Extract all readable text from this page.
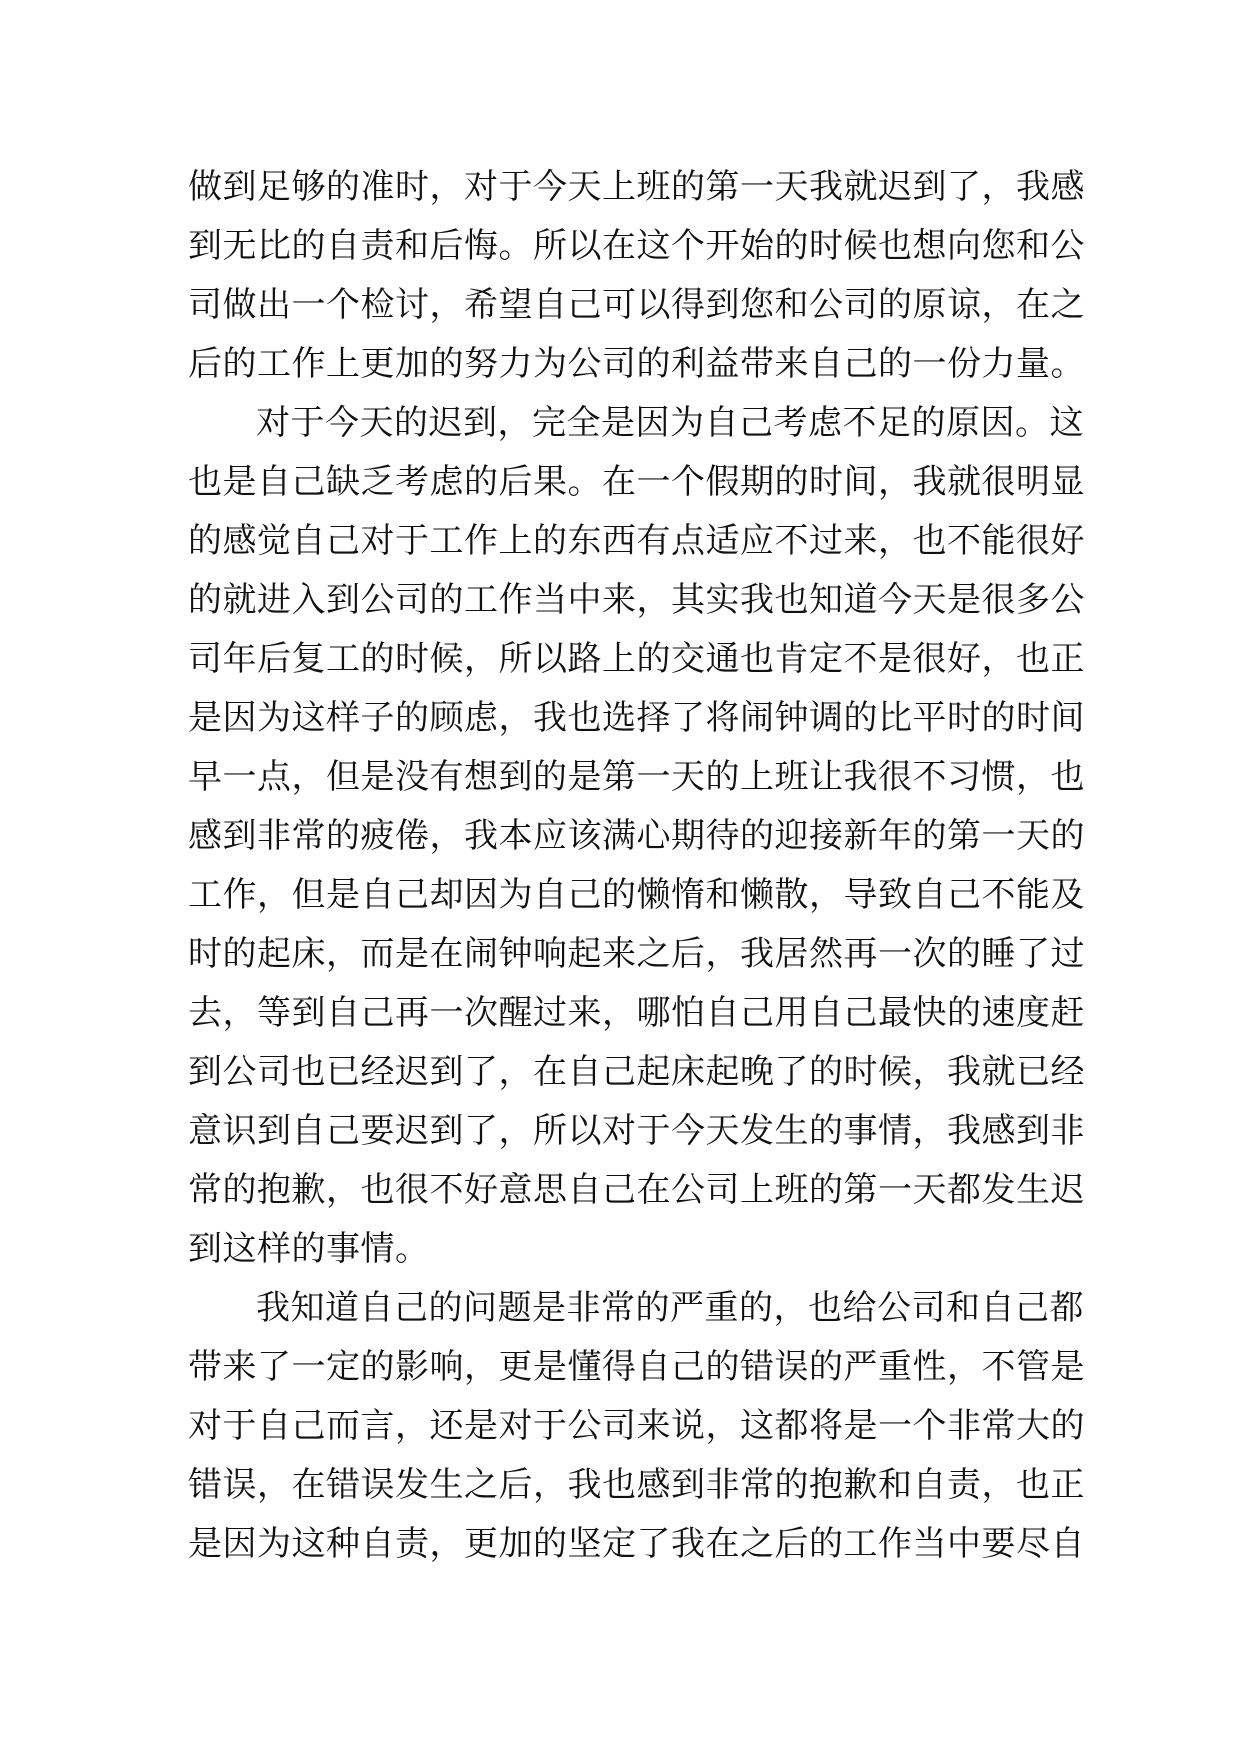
做到足够的准时，对于今天上班的第一天我就迟到了，我感
到无比的自责和后悔。所以在这个开始的时候也想向您和公
司做出一个检讨，希望自己可以得到您和公司的原谅，在之
后的工作上更加的努力为公司的利益带来自己的一份力量。
对于今天的迟到，完全是因为自己考虑不足的原因。这
也是自己缺乏考虑的后果。在一个假期的时间，我就很明显
的感觉自己对于工作上的东西有点适应不过来，也不能很好
的就进入到公司的工作当中来，其实我也知道今天是很多公
司年后复工的时候，所以路上的交通也肯定不是很好，也正
是因为这样子的顾虑，我也选择了将闹钟调的比平时的时间
早一点，但是没有想到的是第一天的上班让我很不习惯，也
感到非常的疲倦，我本应该满心期待的迎接新年的第一天的
工作，但是自己却因为自己的懒惰和懒散，导致自己不能及
时的起床，而是在闹钟响起来之后，我居然再一次的睡了过
去，等到自己再一次醒过来，哪怕自己用自己最快的速度赶
到公司也已经迟到了，在自己起床起晚了的时候，我就已经
意识到自己要迟到了，所以对于今天发生的事情，我感到非
常的抱歉，也很不好意思自己在公司上班的第一天都发生迟
到这样的事情。
我知道自己的问题是非常的严重的，也给公司和自己都
带来了一定的影响，更是懂得自己的错误的严重性，不管是
对于自己而言，还是对于公司来说，这都将是一个非常大的
错误，在错误发生之后，我也感到非常的抱歉和自责，也正
是因为这种自责，更加的坚定了我在之后的工作当中要尽自
